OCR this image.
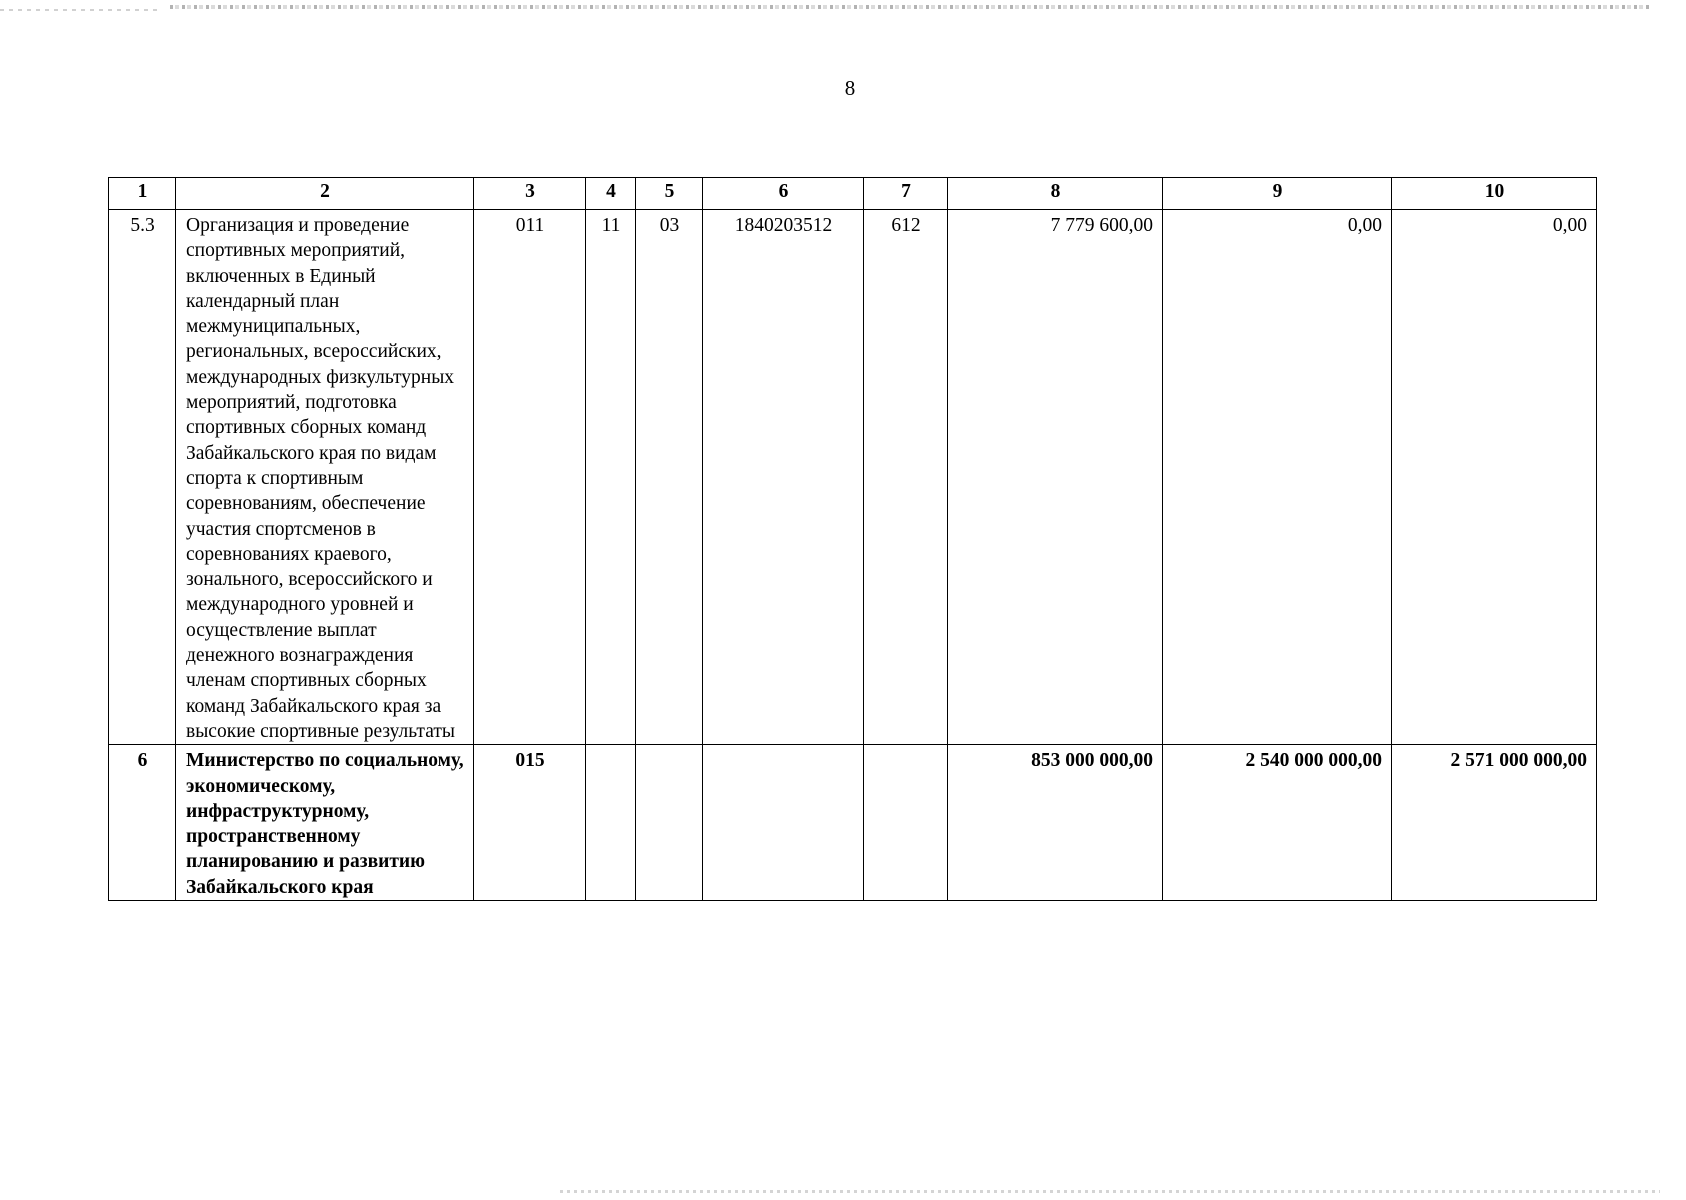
8
1	2	3	4	5	6	7	8	9	10
5.3	Организация и проведение спортивных мероприятий, включенных в Единый календарный план межмуниципальных, региональных, всероссийских, международных физкультурных мероприятий, подготовка спортивных сборных команд Забайкальского края по видам спорта к спортивным соревнованиям, обеспечение участия спортсменов в соревнованиях краевого, зонального, всероссийского и международного уровней и осуществление выплат денежного вознаграждения членам спортивных сборных команд Забайкальского края за высокие спортивные результаты	011	11	03	1840203512	612	7 779 600,00	0,00	0,00
6	Министерство по социальному, экономическому, инфраструктурному, пространственному планированию и развитию Забайкальского края	015					853 000 000,00	2 540 000 000,00	2 571 000 000,00
